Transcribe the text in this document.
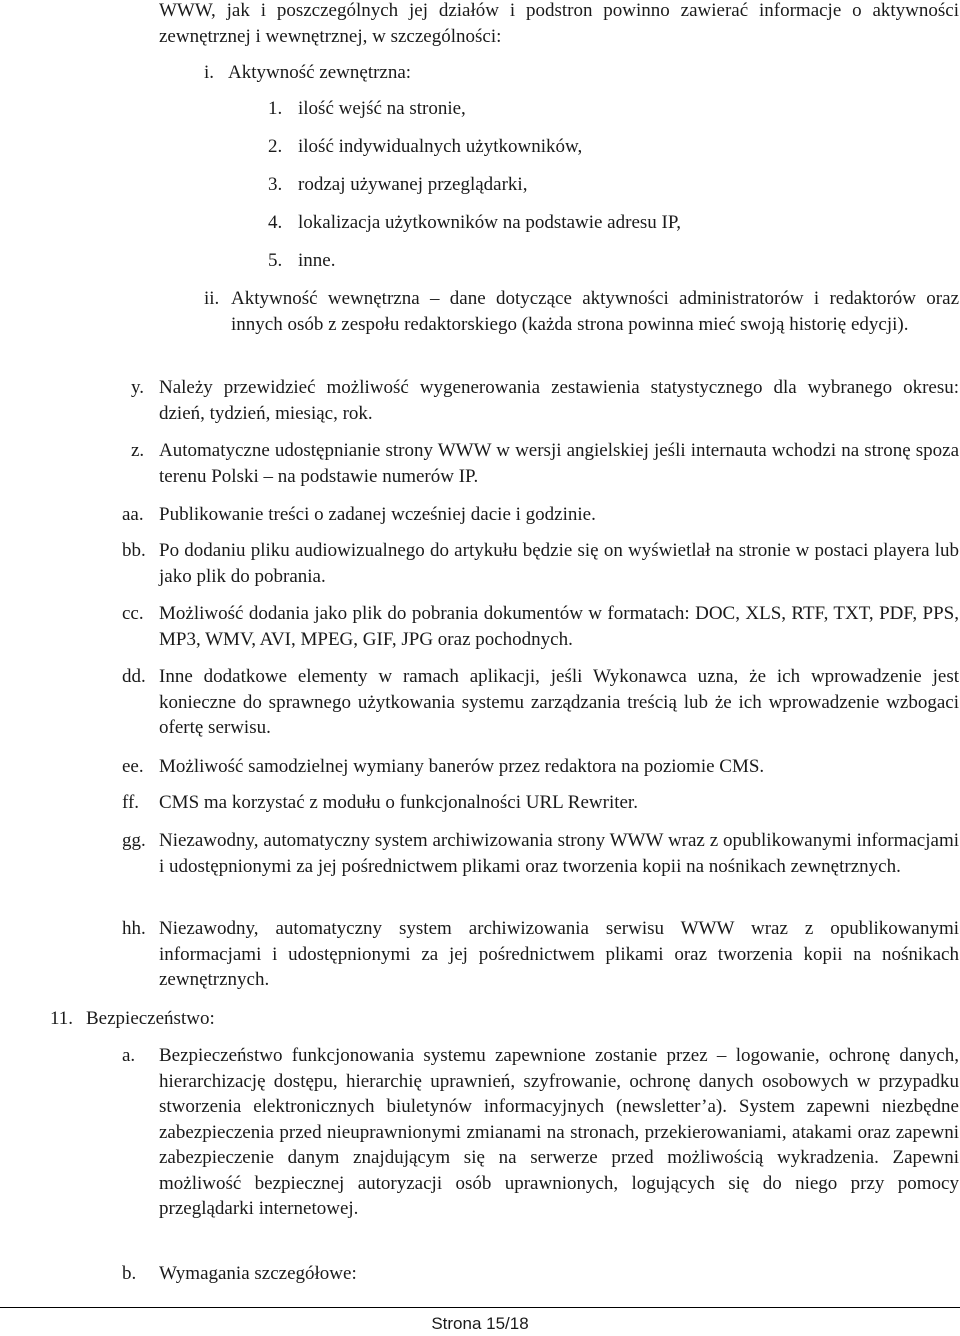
WWW, jak i poszczególnych jej działów i podstron powinno zawierać informacje o aktywności zewnętrznej i wewnętrznej, w szczególności:
i. Aktywność zewnętrzna:
1. ilość wejść na stronie,
2. ilość indywidualnych użytkowników,
3. rodzaj używanej przeglądarki,
4. lokalizacja użytkowników na podstawie adresu IP,
5. inne.
ii. Aktywność wewnętrzna – dane dotyczące aktywności administratorów i redaktorów oraz innych osób z zespołu redaktorskiego (każda strona powinna mieć swoją historię edycji).
y. Należy przewidzieć możliwość wygenerowania zestawienia statystycznego dla wybranego okresu: dzień, tydzień, miesiąc, rok.
z. Automatyczne udostępnianie strony WWW w wersji angielskiej jeśli internauta wchodzi na stronę spoza terenu Polski – na podstawie numerów IP.
aa. Publikowanie treści o zadanej wcześniej dacie i godzinie.
bb. Po dodaniu pliku audiowizualnego do artykułu będzie się on wyświetlał na stronie w postaci playera lub jako plik do pobrania.
cc. Możliwość dodania jako plik do pobrania dokumentów w formatach: DOC, XLS, RTF, TXT, PDF, PPS, MP3, WMV, AVI, MPEG, GIF, JPG oraz pochodnych.
dd. Inne dodatkowe elementy w ramach aplikacji, jeśli Wykonawca uzna, że ich wprowadzenie jest konieczne do sprawnego użytkowania systemu zarządzania treścią lub że ich wprowadzenie wzbogaci ofertę serwisu.
ee. Możliwość samodzielnej wymiany banerów przez redaktora na poziomie CMS.
ff. CMS ma korzystać z modułu o funkcjonalności URL Rewriter.
gg. Niezawodny, automatyczny system archiwizowania strony WWW wraz z opublikowanymi informacjami i udostępnionymi za jej pośrednictwem plikami oraz tworzenia kopii na nośnikach zewnętrznych.
hh. Niezawodny, automatyczny system archiwizowania serwisu WWW wraz z opublikowanymi informacjami i udostępnionymi za jej pośrednictwem plikami oraz tworzenia kopii na nośnikach zewnętrznych.
11. Bezpieczeństwo:
a. Bezpieczeństwo funkcjonowania systemu zapewnione zostanie przez – logowanie, ochronę danych, hierarchizację dostępu, hierarchię uprawnień, szyfrowanie, ochronę danych osobowych w przypadku stworzenia elektronicznych biuletynów informacyjnych (newsletter’a). System zapewni niezbędne zabezpieczenia przed nieuprawnionymi zmianami na stronach, przekierowaniami, atakami oraz zapewni zabezpieczenie danym znajdującym się na serwerze przed możliwością wykradzenia. Zapewni możliwość bezpiecznej autoryzacji osób uprawnionych, logujących się do niego przy pomocy przeglądarki internetowej.
b. Wymagania szczegółowe:
Strona 15/18
